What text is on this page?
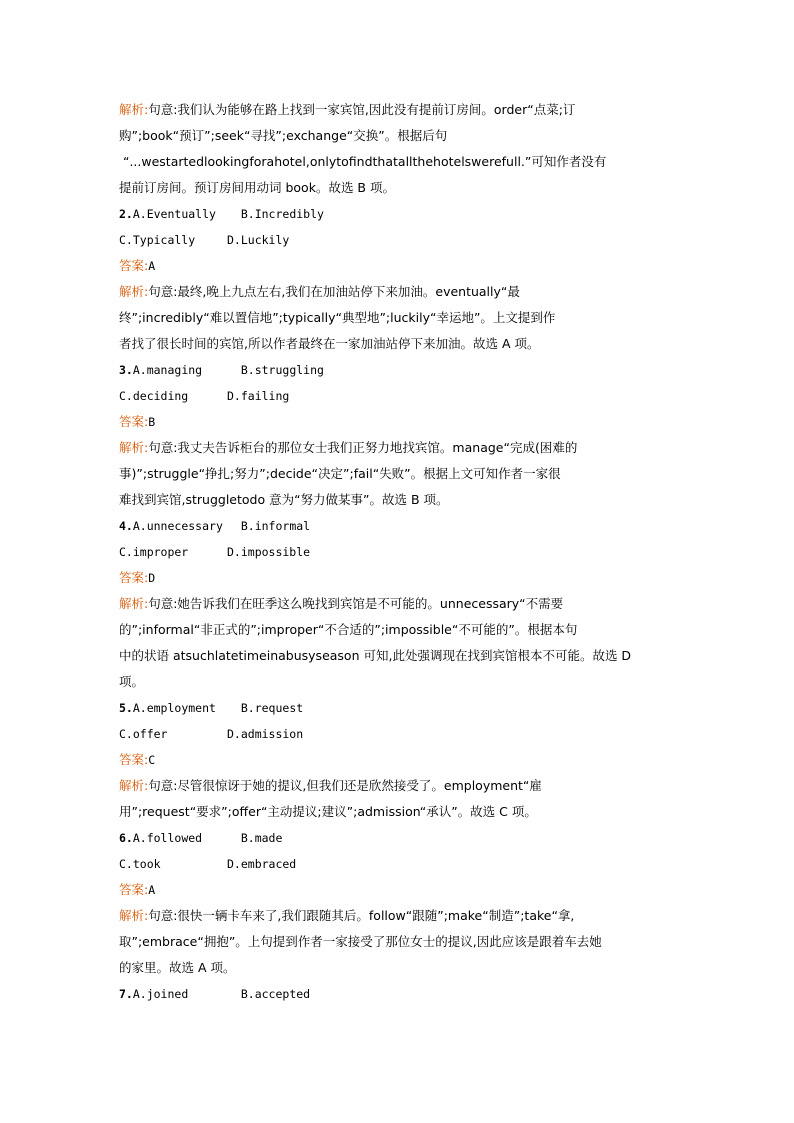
解析:句意:我们认为能够在路上找到一家宾馆,因此没有提前订房间。order“点菜;订
购”;book“预订”;seek“寻找”;exchange“交换”。根据后句
“...westartedlookingforahotel,onlytofindthatallthehotelswerefull.”可知作者没有
提前订房间。预订房间用动词 book。故选 B 项。
2.A.Eventually B.Incredibly
C.Typically	D.Luckily
答案:A
解析:句意:最终,晚上九点左右,我们在加油站停下来加油。eventually“最
终”;incredibly“难以置信地”;typically“典型地”;luckily“幸运地”。上文提到作
者找了很长时间的宾馆,所以作者最终在一家加油站停下来加油。故选 A 项。
3.A.managing	B.struggling
C.deciding	D.failing
答案:B
解析:句意:我丈夫告诉柜台的那位女士我们正努力地找宾馆。manage“完成(困难的
事)”;struggle“挣扎;努力”;decide“决定”;fail“失败”。根据上文可知作者一家很
难找到宾馆,struggletodo 意为“努力做某事”。故选 B 项。
4.A.unnecessary B.informal
C.improper	D.impossible
答案:D
解析:句意:她告诉我们在旺季这么晚找到宾馆是不可能的。unnecessary“不需要
的”;informal“非正式的”;improper“不合适的”;impossible“不可能的”。根据本句
中的状语 atsuchlatetimeinabusyseason 可知,此处强调现在找到宾馆根本不可能。故选 D
项。
5.A.employment B.request
C.offer	D.admission
答案:C
解析:句意:尽管很惊讶于她的提议,但我们还是欣然接受了。employment“雇
用”;request“要求”;offer“主动提议;建议”;admission“承认”。故选 C 项。
6.A.followed	B.made
C.took	D.embraced
答案:A
解析:句意:很快一辆卡车来了,我们跟随其后。follow“跟随”;make“制造”;take“拿,
取”;embrace“拥抱”。上句提到作者一家接受了那位女士的提议,因此应该是跟着车去她
的家里。故选 A 项。
7.A.joined	B.accepted
